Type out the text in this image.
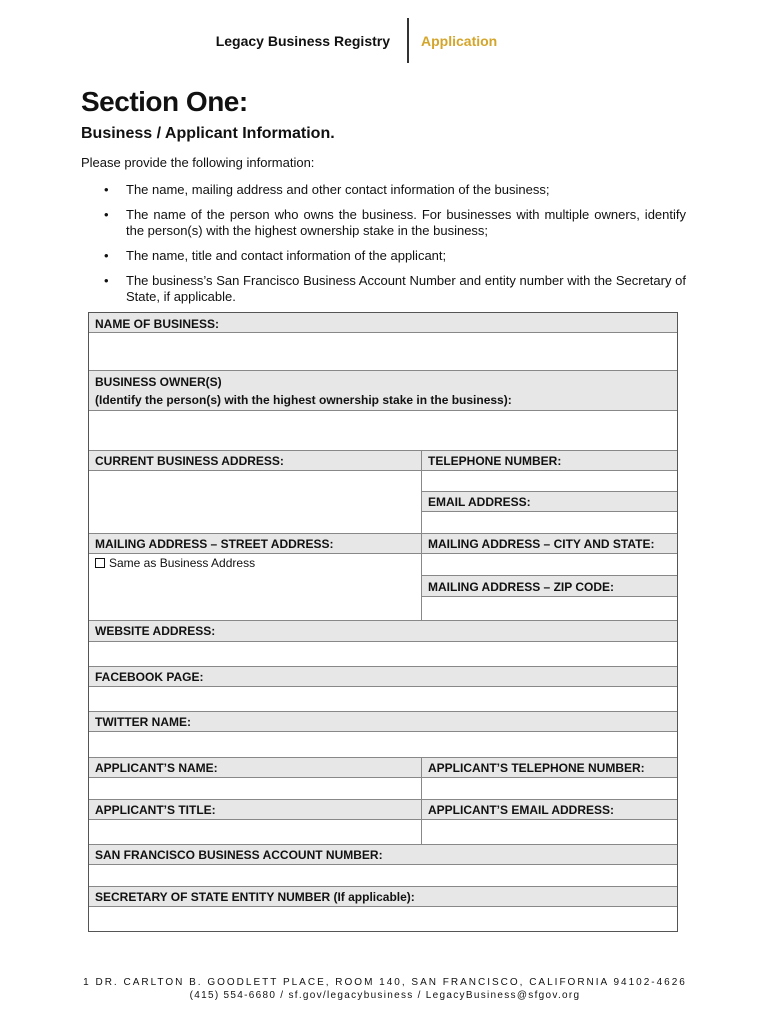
Legacy Business Registry Application
Section One:
Business / Applicant Information.
Please provide the following information:
• The name, mailing address and other contact information of the business;
• The name of the person who owns the business. For businesses with multiple owners, identify the person(s) with the highest ownership stake in the business;
• The name, title and contact information of the applicant;
• The business’s San Francisco Business Account Number and entity number with the Secretary of State, if applicable.
NAME OF BUSINESS:
BUSINESS OWNER(S)
(Identify the person(s) with the highest ownership stake in the business):
CURRENT BUSINESS ADDRESS:	TELEPHONE NUMBER:
EMAIL ADDRESS:
MAILING ADDRESS – STREET ADDRESS:
Same as Business Address
MAILING ADDRESS – CITY AND STATE:
MAILING ADDRESS – ZIP CODE:
WEBSITE ADDRESS:
FACEBOOK PAGE:
TWITTER NAME:
APPLICANT’S NAME:	APPLICANT’S TELEPHONE NUMBER:
APPLICANT’S TITLE:	APPLICANT’S EMAIL ADDRESS:
SAN FRANCISCO BUSINESS ACCOUNT NUMBER:
SECRETARY OF STATE ENTITY NUMBER (If applicable):
1 DR. CARLTON B. GOODLETT PLACE, ROOM 140, SAN FRANCISCO, CALIFORNIA 94102-4626
(415) 554-6680 / sf.gov/legacybusiness / LegacyBusiness@sfgov.org
